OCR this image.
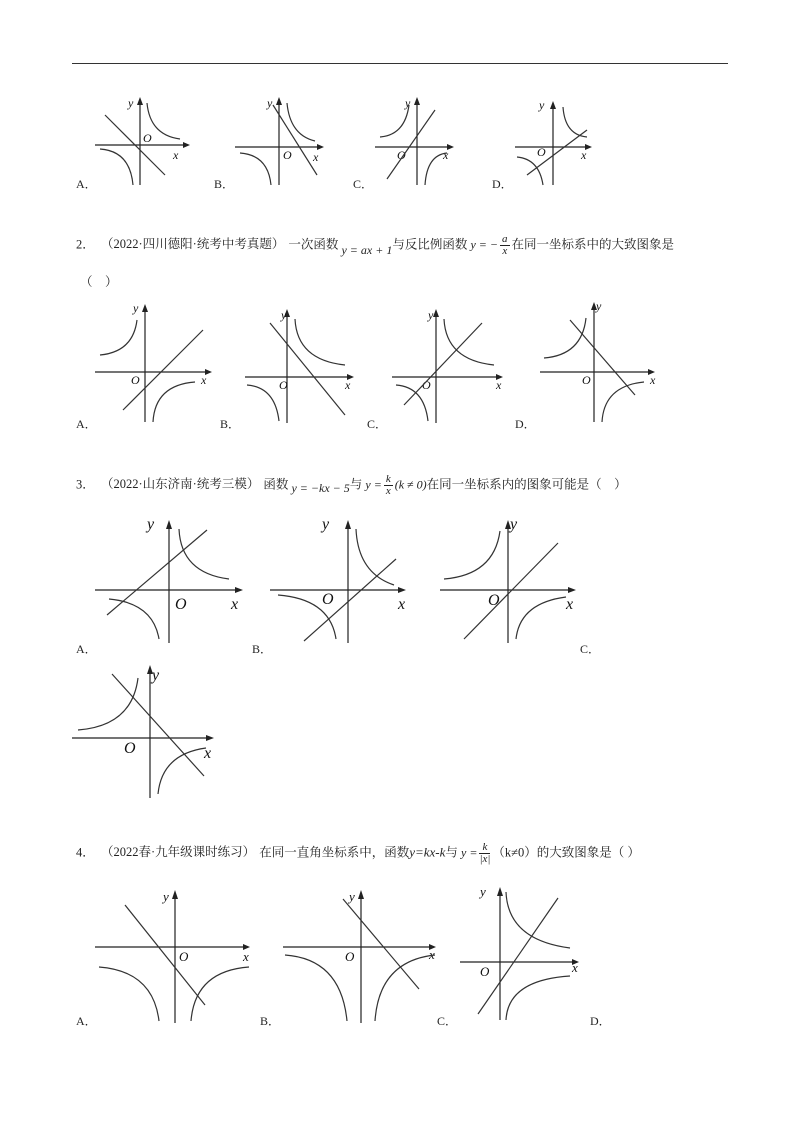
y
x
O
A．
y
x
O
B．
y
x
O
C．
y
x
O
D．
2． （2022·四川德阳·统考中考真题） 一次函数 y = ax + 1与反比例函数 y = − $\frac{a}{x}$ 在同一坐标系中的大致图象是
（　）
y
x
O
A．
y
x
O
B．
y
x
O
C．
y
x
O
D．
3． （2022·山东济南·统考三模） 函数 y = −kx − 5与 $y = \frac{k}{x} (k \ne 0)$在同一坐标系内的图象可能是（　）
y
x
O
A．
y
x
O
B．
y
x
O
C．
y
x
O
4． （2022春·九年级课时练习） 在同一直角坐标系中，函数y=kx-k与 $y = \frac{k}{|x|} (k\ne 0)$的大致图象是（ ）
y
x
O
A．
y
x
O
B．
y
x
O
C．	D．
